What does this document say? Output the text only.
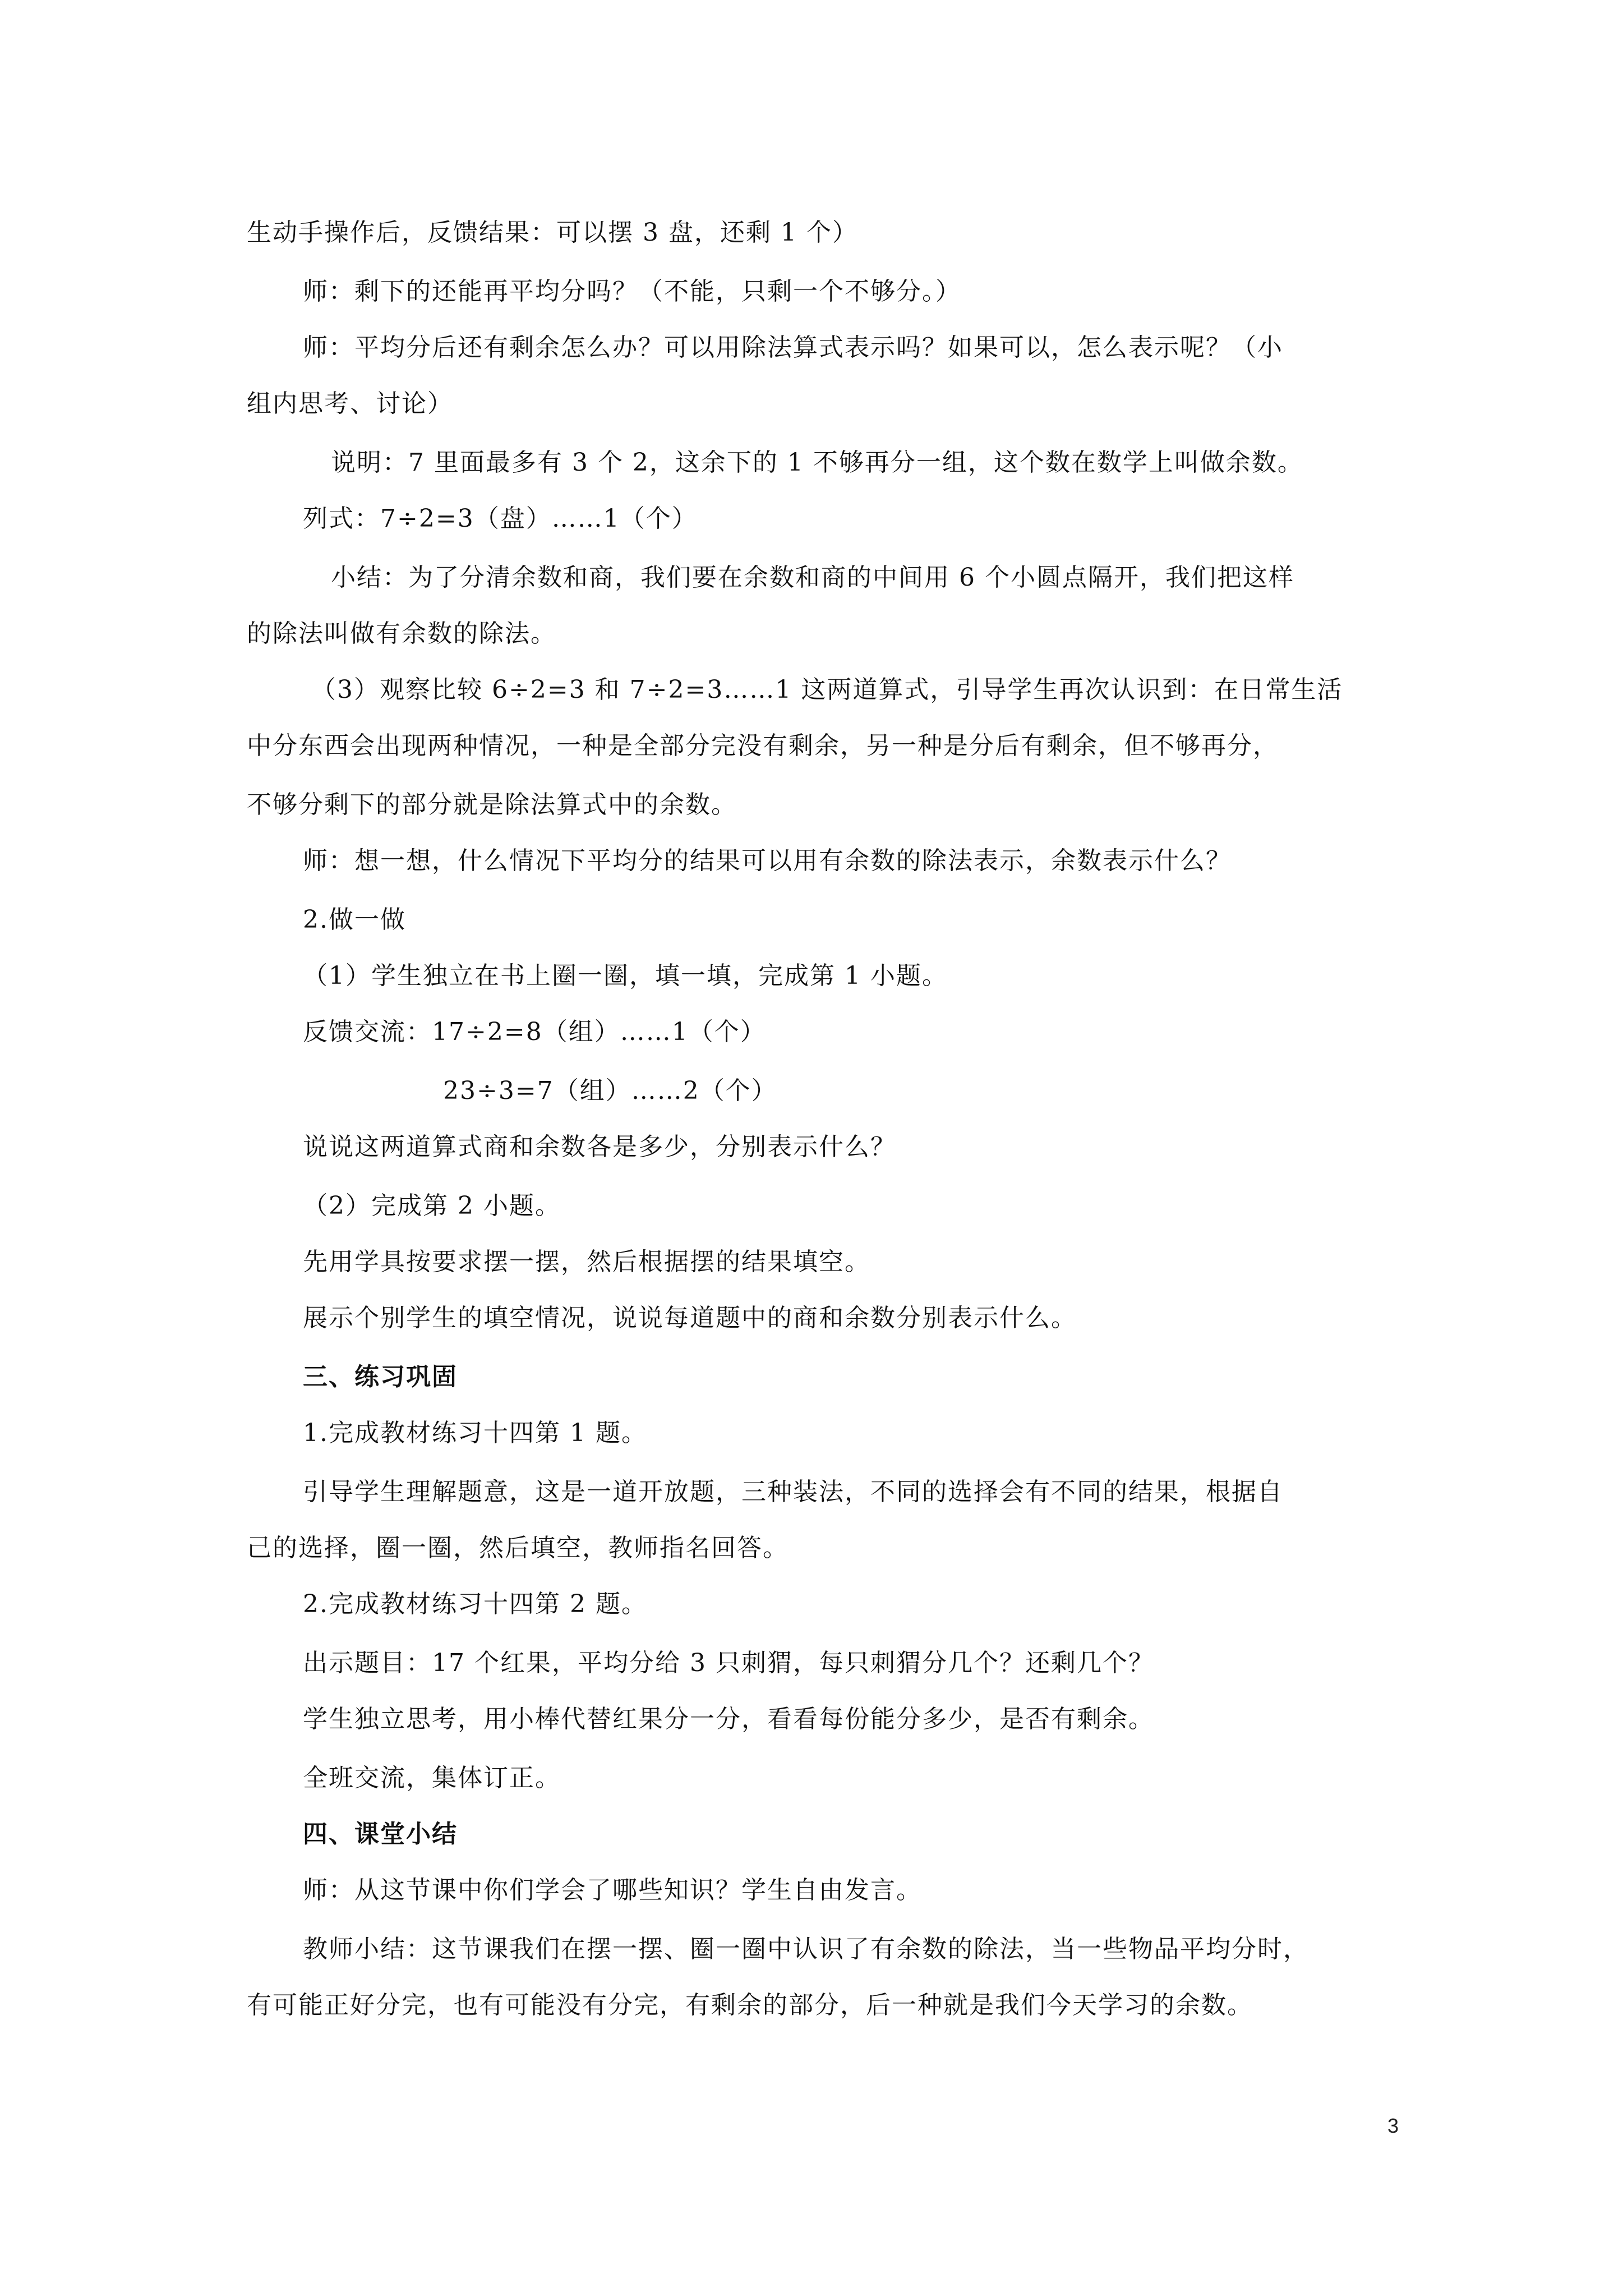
生动手操作后，反馈结果：可以摆 3 盘，还剩 1 个）
师：剩下的还能再平均分吗？（不能，只剩一个不够分。）
师：平均分后还有剩余怎么办？可以用除法算式表示吗？如果可以，怎么表示呢？（小
组内思考、讨论）
说明：7 里面最多有 3 个 2，这余下的 1 不够再分一组，这个数在数学上叫做余数。
列式：7÷2=3（盘）……1（个）
小结：为了分清余数和商，我们要在余数和商的中间用 6 个小圆点隔开，我们把这样
的除法叫做有余数的除法。
（3）观察比较 6÷2=3 和 7÷2=3……1 这两道算式，引导学生再次认识到：在日常生活
中分东西会出现两种情况，一种是全部分完没有剩余，另一种是分后有剩余，但不够再分，
不够分剩下的部分就是除法算式中的余数。
师：想一想，什么情况下平均分的结果可以用有余数的除法表示，余数表示什么？
2.做一做
（1）学生独立在书上圈一圈，填一填，完成第 1 小题。
反馈交流：17÷2=8（组）……1（个）
23÷3=7（组）……2（个）
说说这两道算式商和余数各是多少，分别表示什么？
（2）完成第 2 小题。
先用学具按要求摆一摆，然后根据摆的结果填空。
展示个别学生的填空情况，说说每道题中的商和余数分别表示什么。
三、练习巩固
1.完成教材练习十四第 1 题。
引导学生理解题意，这是一道开放题，三种装法，不同的选择会有不同的结果，根据自
己的选择，圈一圈，然后填空，教师指名回答。
2.完成教材练习十四第 2 题。
出示题目：17 个红果，平均分给 3 只刺猬，每只刺猬分几个？还剩几个？
学生独立思考，用小棒代替红果分一分，看看每份能分多少，是否有剩余。
全班交流，集体订正。
四、课堂小结
师：从这节课中你们学会了哪些知识？学生自由发言。
教师小结：这节课我们在摆一摆、圈一圈中认识了有余数的除法，当一些物品平均分时，
有可能正好分完，也有可能没有分完，有剩余的部分，后一种就是我们今天学习的余数。
3
